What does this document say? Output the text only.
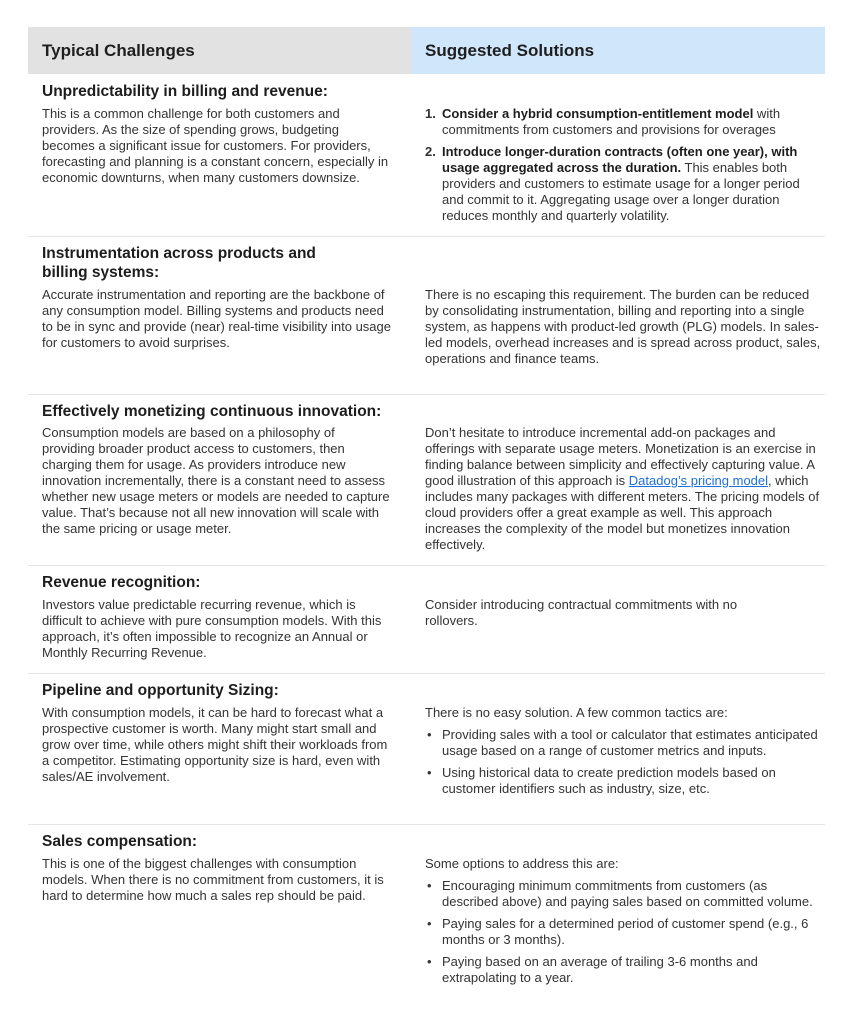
Typical Challenges	Suggested Solutions
Unpredictability in billing and revenue:

This is a common challenge for both customers and providers. As the size of spending grows, budgeting becomes a significant issue for customers. For providers, forecasting and planning is a constant concern, especially in economic downturns, when many customers downsize.

1. Consider a hybrid consumption-entitlement model with commitments from customers and provisions for overages
2. Introduce longer-duration contracts (often one year), with usage aggregated across the duration. This enables both providers and customers to estimate usage for a longer period and commit to it. Aggregating usage over a longer duration reduces monthly and quarterly volatility.
Instrumentation across products and billing systems:

Accurate instrumentation and reporting are the backbone of any consumption model. Billing systems and products need to be in sync and provide (near) real-time visibility into usage for customers to avoid surprises.

There is no escaping this requirement. The burden can be reduced by consolidating instrumentation, billing and reporting into a single system, as happens with product-led growth (PLG) models. In sales-led models, overhead increases and is spread across product, sales, operations and finance teams.

Effectively monetizing continuous innovation:

Consumption models are based on a philosophy of providing broader product access to customers, then charging them for usage. As providers introduce new innovation incrementally, there is a constant need to assess whether new usage meters or models are needed to capture value. That’s because not all new innovation will scale with the same pricing or usage meter.

Don’t hesitate to introduce incremental add-on packages and offerings with separate usage meters. Monetization is an exercise in finding balance between simplicity and effectively capturing value. A good illustration of this approach is Datadog’s pricing model, which includes many packages with different meters. The pricing models of cloud providers offer a great example as well. This approach increases the complexity of the model but monetizes innovation effectively.

Revenue recognition:

Investors value predictable recurring revenue, which is difficult to achieve with pure consumption models. With this approach, it’s often impossible to recognize an Annual or Monthly Recurring Revenue.

Consider introducing contractual commitments with no rollovers.

Pipeline and opportunity Sizing:

With consumption models, it can be hard to forecast what a prospective customer is worth. Many might start small and grow over time, while others might shift their workloads from a competitor. Estimating opportunity size is hard, even with sales/AE involvement.

There is no easy solution. A few common tactics are:

• Providing sales with a tool or calculator that estimates anticipated usage based on a range of customer metrics and inputs.
• Using historical data to create prediction models based on customer identifiers such as industry, size, etc.
Sales compensation:

This is one of the biggest challenges with consumption models. When there is no commitment from customers, it is hard to determine how much a sales rep should be paid.

Some options to address this are:

• Encouraging minimum commitments from customers (as described above) and paying sales based on committed volume.
• Paying sales for a determined period of customer spend (e.g., 6 months or 3 months).
• Paying based on an average of trailing 3-6 months and extrapolating to a year.
